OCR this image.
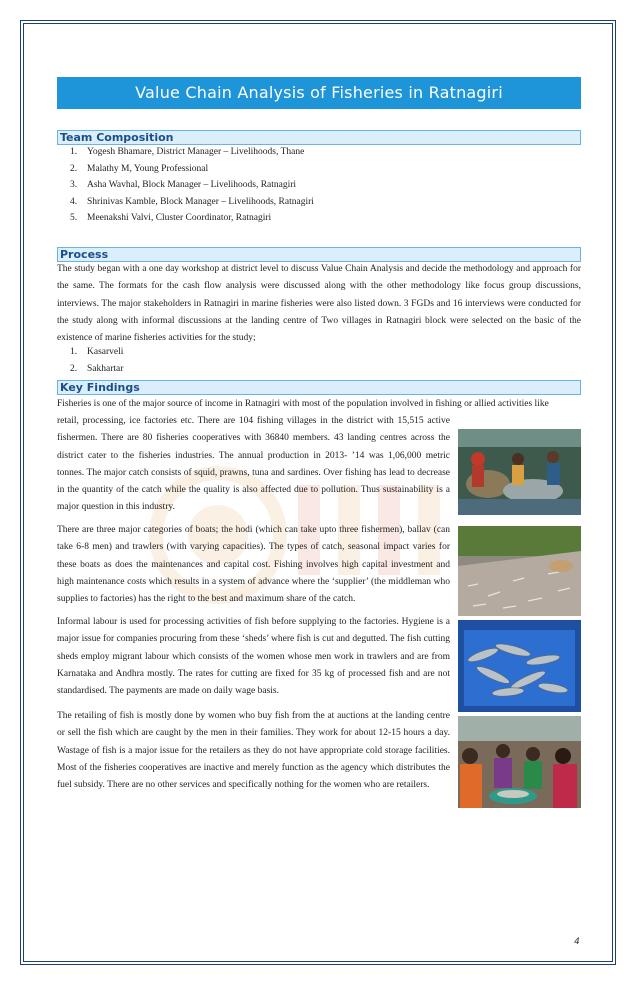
Value Chain Analysis of Fisheries in Ratnagiri
Team Composition
1. Yogesh Bhamare, District Manager – Livelihoods, Thane
2. Malathy M, Young Professional
3. Asha Wavhal, Block Manager – Livelihoods, Ratnagiri
4. Shrinivas Kamble, Block Manager – Livelihoods, Ratnagiri
5. Meenakshi Valvi, Cluster Coordinator, Ratnagiri
Process

The study began with a one day workshop at district level to discuss Value Chain Analysis and decide the methodology and approach for the same. The formats for the cash flow analysis were discussed along with the other methodology like focus group discussions, interviews. The major stakeholders in Ratnagiri in marine fisheries were also listed down. 3 FGDs and 16 interviews were conducted for the study along with informal discussions at the landing centre of Two villages in Ratnagiri block were selected on the basic of the existence of marine fisheries activities for the study;

1. Kasarveli
2. Sakhartar
Key Findings

Fisheries is one of the major source of income in Ratnagiri with most of the population involved in fishing or allied activities like

retail, processing, ice factories etc. There are 104 fishing villages in the district with 15,515 active fishermen. There are 80 fisheries cooperatives with 36840 members. 43 landing centres across the district cater to the fisheries industries. The annual production in 2013- ’14 was 1,06,000 metric tonnes. The major catch consists of squid, prawns, tuna and sardines. Over fishing has lead to decrease in the quantity of the catch while the quality is also affected due to pollution. Thus sustainability is a major question in this industry.

There are three major categories of boats; the hodi (which can take upto three fishermen), ballav (can take 6-8 men) and trawlers (with varying capacities). The types of catch, seasonal impact varies for these boats as does the maintenances and capital cost. Fishing involves high capital investment and high maintenance costs which results in a system of advance where the ‘supplier’ (the middleman who supplies to factories) has the right to the best and maximum share of the catch.

Informal labour is used for processing activities of fish before supplying to the factories. Hygiene is a major issue for companies procuring from these ‘sheds’ where fish is cut and degutted. The fish cutting sheds employ migrant labour which consists of the women whose men work in trawlers and are from Karnataka and Andhra mostly. The rates for cutting are fixed for 35 kg of processed fish and are not standardised. The payments are made on daily wage basis.

The retailing of fish is mostly done by women who buy fish from the at auctions at the landing centre or sell the fish which are caught by the men in their families. They work for about 12-15 hours a day. Wastage of fish is a major issue for the retailers as they do not have appropriate cold storage facilities. Most of the fisheries cooperatives are inactive and merely function as the agency which distributes the fuel subsidy. There are no other services and specifically nothing for the women who are retailers.

4
